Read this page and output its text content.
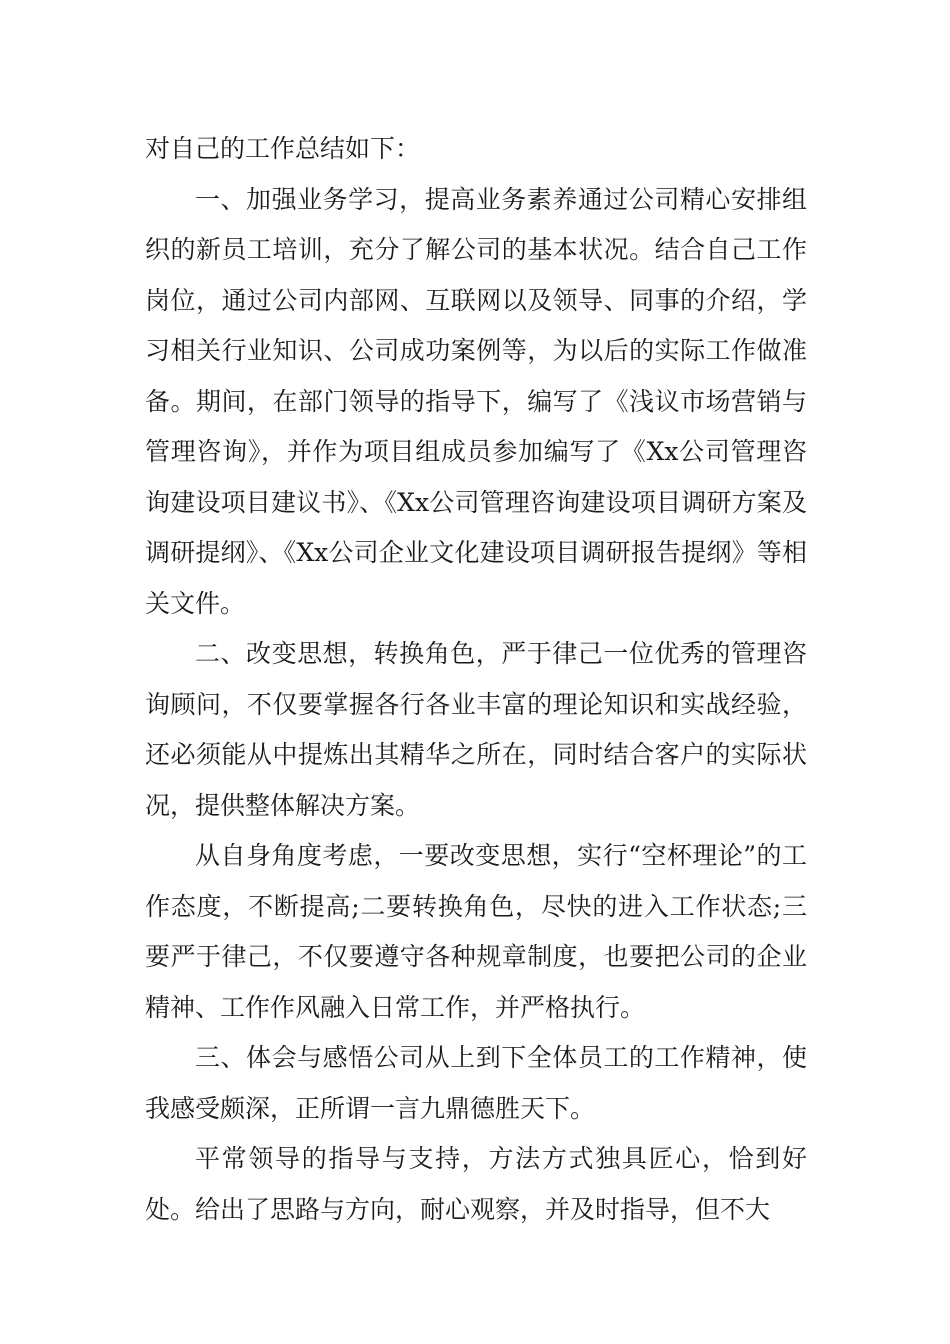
对自己的工作总结如下：

一、加强业务学习，提高业务素养通过公司精心安排组织的新员工培训，充分了解公司的基本状况。结合自己工作岗位，通过公司内部网、互联网以及领导、同事的介绍，学习相关行业知识、公司成功案例等，为以后的实际工作做准备。期间，在部门领导的指导下，编写了《浅议市场营销与管理咨询》，并作为项目组成员参加编写了《Xx公司管理咨询建设项目建议书》、《Xx公司管理咨询建设项目调研方案及调研提纲》、《Xx公司企业文化建设项目调研报告提纲》等相关文件。

二、改变思想，转换角色，严于律己一位优秀的管理咨询顾问，不仅要掌握各行各业丰富的理论知识和实战经验，还必须能从中提炼出其精华之所在，同时结合客户的实际状况，提供整体解决方案。

从自身角度考虑，一要改变思想，实行“空杯理论”的工作态度，不断提高;二要转换角色，尽快的进入工作状态;三要严于律己，不仅要遵守各种规章制度，也要把公司的企业精神、工作作风融入日常工作，并严格执行。

三、体会与感悟公司从上到下全体员工的工作精神，使我感受颇深，正所谓一言九鼎德胜天下。

平常领导的指导与支持，方法方式独具匠心，恰到好处。给出了思路与方向，耐心观察，并及时指导，但不大
